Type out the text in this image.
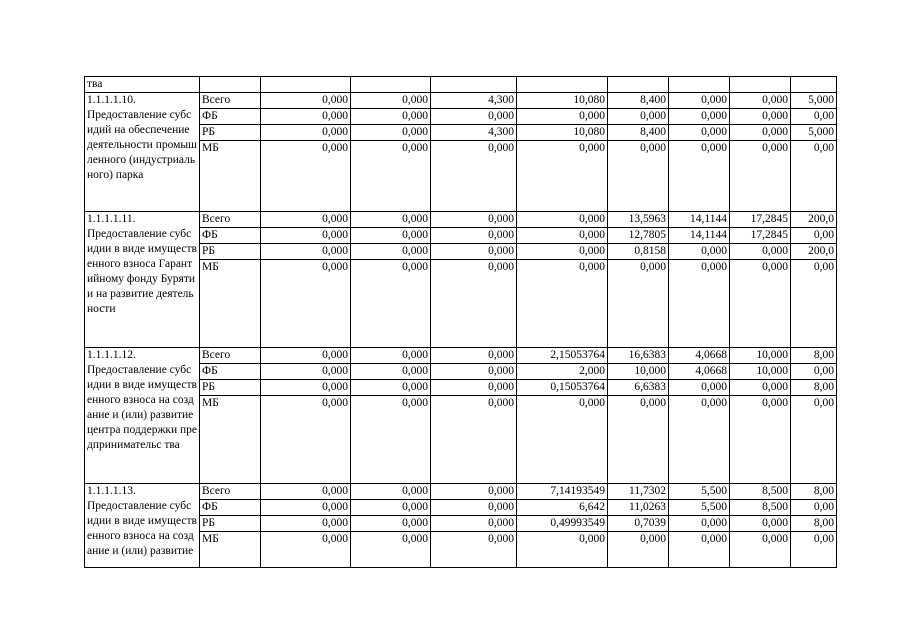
тва									

1.1.1.1.10.
Предоставление субсидий на обеспечение деятельности промышленного (индустриального) парка	Всего	0,000	0,000	4,300	10,080	8,400	0,000	0,000	5,000
	ФБ	0,000	0,000	0,000	0,000	0,000	0,000	0,000	0,00
	РБ	0,000	0,000	4,300	10,080	8,400	0,000	0,000	5,000
	МБ	0,000	0,000	0,000	0,000	0,000	0,000	0,000	0,00

1.1.1.1.11.
Предоставление субсидии в виде имущественного взноса Гарантийному фонду Бурятии на развитие деятельности	Всего	0,000	0,000	0,000	0,000	13,5963	14,1144	17,2845	200,0
	ФБ	0,000	0,000	0,000	0,000	12,7805	14,1144	17,2845	0,00
	РБ	0,000	0,000	0,000	0,000	0,8158	0,000	0,000	200,0
	МБ	0,000	0,000	0,000	0,000	0,000	0,000	0,000	0,00

1.1.1.1.12.
Предоставление субсидии в виде имущественного взноса на создание и (или) развитие центра поддержки предпринимательс тва	Всего	0,000	0,000	0,000	2,15053764	16,6383	4,0668	10,000	8,00
	ФБ	0,000	0,000	0,000	2,000	10,000	4,0668	10,000	0,00
	РБ	0,000	0,000	0,000	0,15053764	6,6383	0,000	0,000	8,00
	МБ	0,000	0,000	0,000	0,000	0,000	0,000	0,000	0,00

1.1.1.1.13.
Предоставление субсидии в виде имущественного взноса на создание и (или) развитие	Всего	0,000	0,000	0,000	7,14193549	11,7302	5,500	8,500	8,00
	ФБ	0,000	0,000	0,000	6,642	11,0263	5,500	8,500	0,00
	РБ	0,000	0,000	0,000	0,49993549	0,7039	0,000	0,000	8,00
	МБ	0,000	0,000	0,000	0,000	0,000	0,000	0,000	0,00
